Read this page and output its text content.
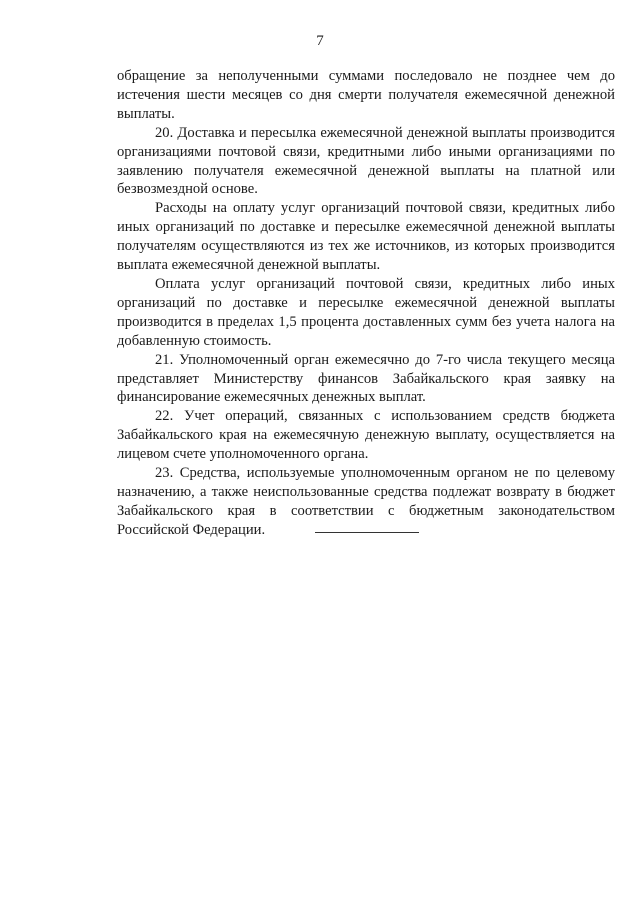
7

обращение за неполученными суммами последовало не позднее чем до истечения шести месяцев со дня смерти получателя ежемесячной денежной выплаты.

20. Доставка и пересылка ежемесячной денежной выплаты производится организациями почтовой связи, кредитными либо иными организациями по заявлению получателя ежемесячной денежной выплаты на платной или безвозмездной основе.

Расходы на оплату услуг организаций почтовой связи, кредитных либо иных организаций по доставке и пересылке ежемесячной денежной выплаты получателям осуществляются из тех же источников, из которых производится выплата ежемесячной денежной выплаты.

Оплата услуг организаций почтовой связи, кредитных либо иных организаций по доставке и пересылке ежемесячной денежной выплаты производится в пределах 1,5 процента доставленных сумм без учета налога на добавленную стоимость.

21. Уполномоченный орган ежемесячно до 7-го числа текущего месяца представляет Министерству финансов Забайкальского края заявку на финансирование ежемесячных денежных выплат.

22. Учет операций, связанных с использованием средств бюджета Забайкальского края на ежемесячную денежную выплату, осуществляется на лицевом счете уполномоченного органа.

23. Средства, используемые уполномоченным органом не по целевому назначению, а также неиспользованные средства подлежат возврату в бюджет Забайкальского края в соответствии с бюджетным законодательством Российской Федерации.
